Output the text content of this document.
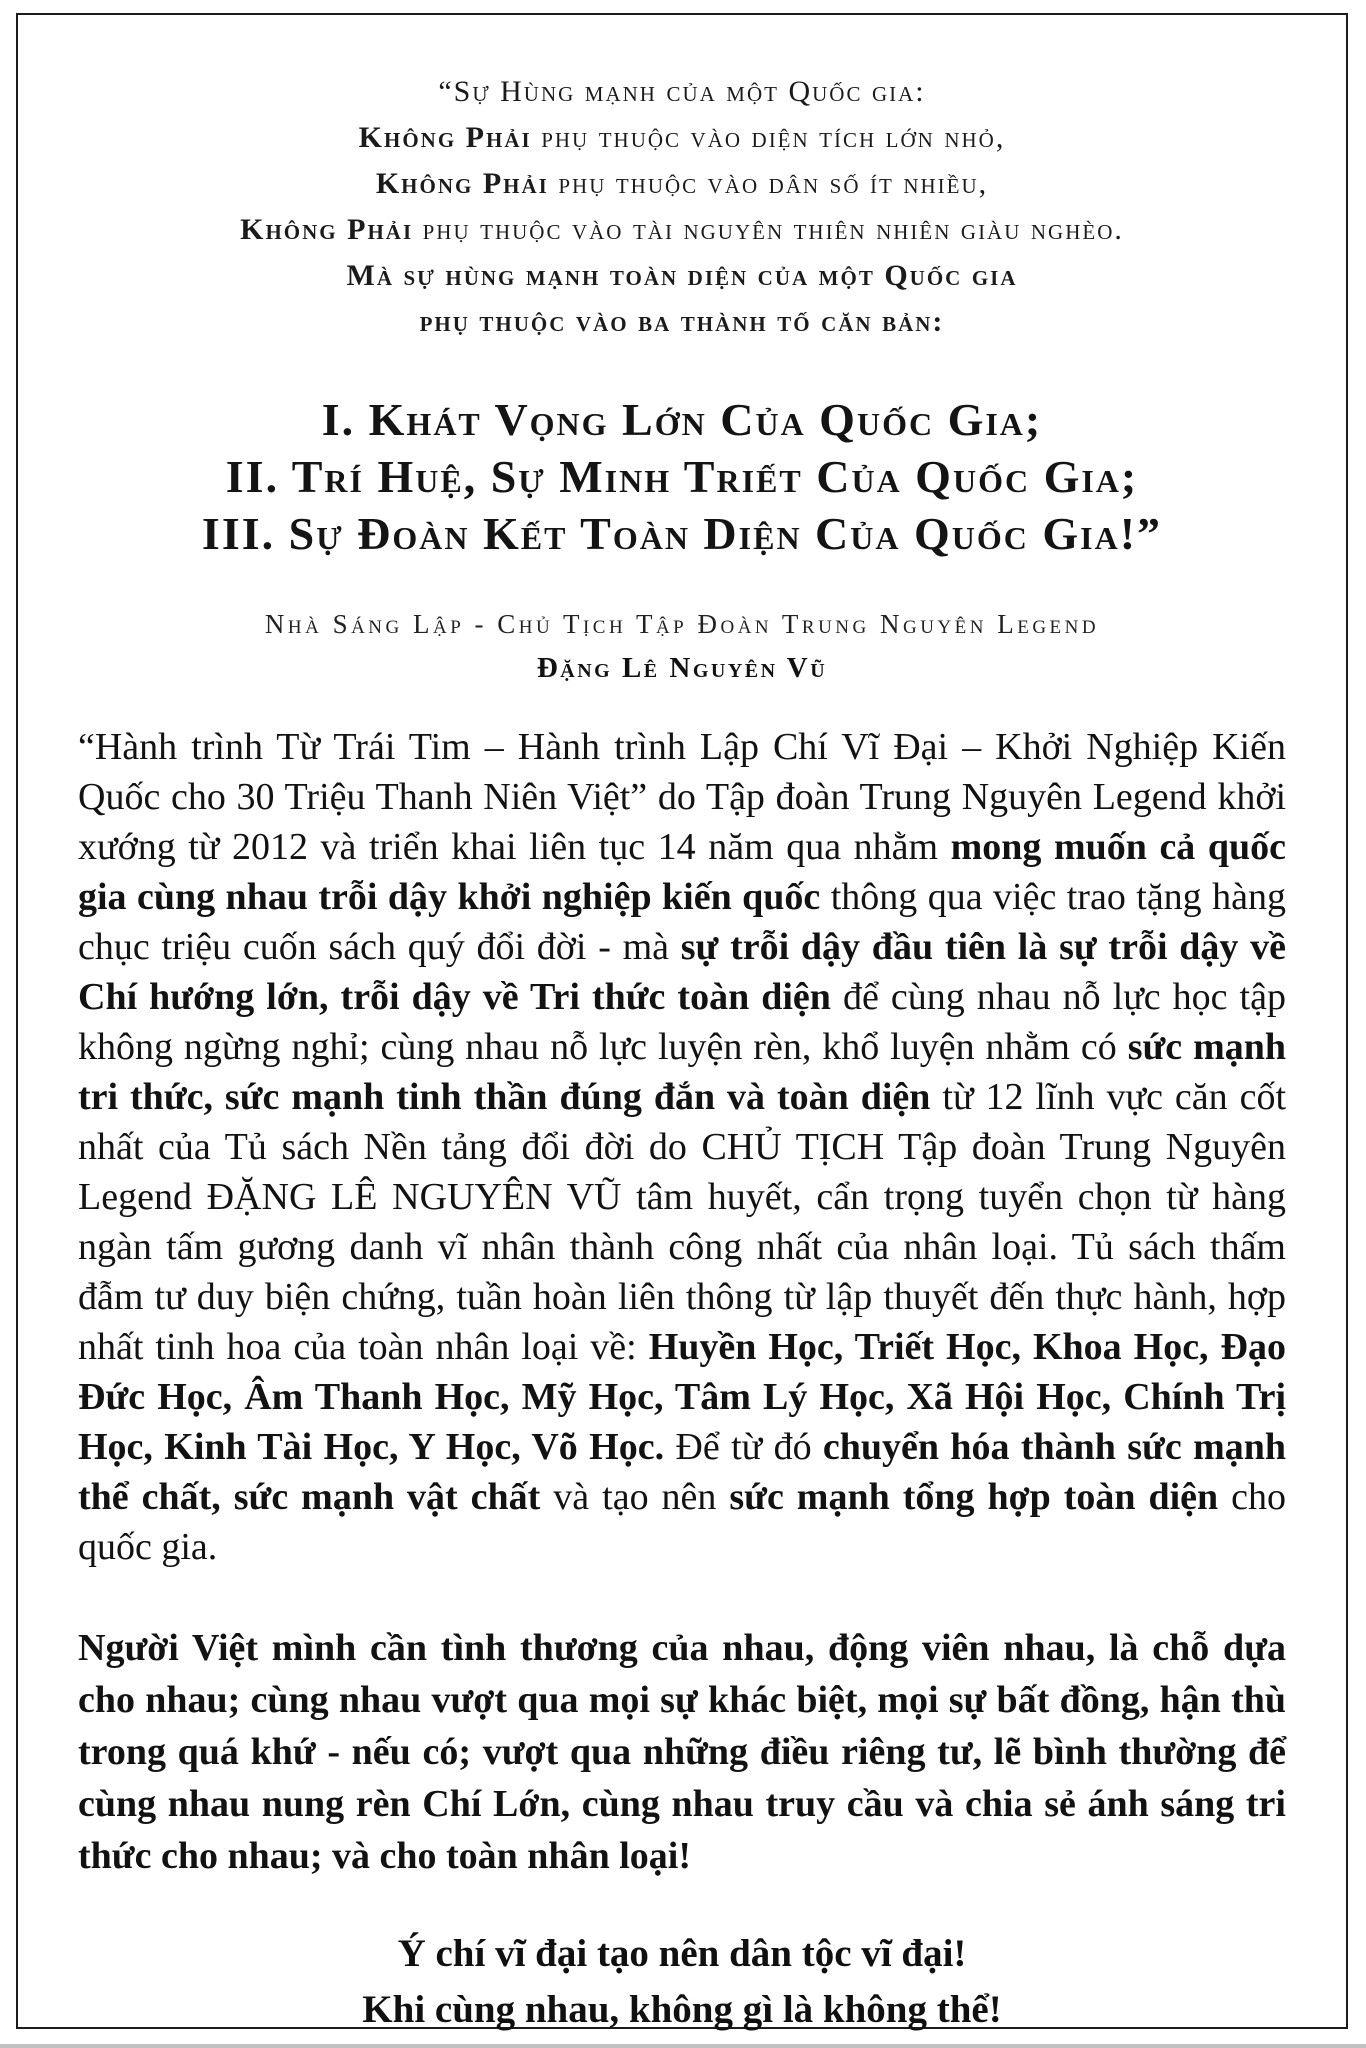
“Sự Hùng mạnh của một Quốc gia:
Không Phải phụ thuộc vào diện tích lớn nhỏ,
Không Phải phụ thuộc vào dân số ít nhiều,
Không Phải phụ thuộc vào tài nguyên thiên nhiên giàu nghèo.
Mà sự hùng mạnh toàn diện của một Quốc gia
phụ thuộc vào ba thành tố căn bản:
I. Khát Vọng Lớn Của Quốc Gia;
II. Trí Huệ, Sự Minh Triết Của Quốc Gia;
III. Sự Đoàn Kết Toàn Diện Của Quốc Gia!”
Nhà Sáng Lập - Chủ Tịch Tập Đoàn Trung Nguyên Legend
Đặng Lê Nguyên Vũ

“Hành trình Từ Trái Tim – Hành trình Lập Chí Vĩ Đại – Khởi Nghiệp Kiến Quốc cho 30 Triệu Thanh Niên Việt” do Tập đoàn Trung Nguyên Legend khởi xướng từ 2012 và triển khai liên tục 14 năm qua nhằm mong muốn cả quốc gia cùng nhau trỗi dậy khởi nghiệp kiến quốc thông qua việc trao tặng hàng chục triệu cuốn sách quý đổi đời - mà sự trỗi dậy đầu tiên là sự trỗi dậy về Chí hướng lớn, trỗi dậy về Tri thức toàn diện để cùng nhau nỗ lực học tập không ngừng nghỉ; cùng nhau nỗ lực luyện rèn, khổ luyện nhằm có sức mạnh tri thức, sức mạnh tinh thần đúng đắn và toàn diện từ 12 lĩnh vực căn cốt nhất của Tủ sách Nền tảng đổi đời do CHỦ TỊCH Tập đoàn Trung Nguyên Legend ĐẶNG LÊ NGUYÊN VŨ tâm huyết, cẩn trọng tuyển chọn từ hàng ngàn tấm gương danh vĩ nhân thành công nhất của nhân loại. Tủ sách thấm đẫm tư duy biện chứng, tuần hoàn liên thông từ lập thuyết đến thực hành, hợp nhất tinh hoa của toàn nhân loại về: Huyền Học, Triết Học, Khoa Học, Đạo Đức Học, Âm Thanh Học, Mỹ Học, Tâm Lý Học, Xã Hội Học, Chính Trị Học, Kinh Tài Học, Y Học, Võ Học. Để từ đó chuyển hóa thành sức mạnh thể chất, sức mạnh vật chất và tạo nên sức mạnh tổng hợp toàn diện cho quốc gia.

Người Việt mình cần tình thương của nhau, động viên nhau, là chỗ dựa cho nhau; cùng nhau vượt qua mọi sự khác biệt, mọi sự bất đồng, hận thù trong quá khứ - nếu có; vượt qua những điều riêng tư, lẽ bình thường để cùng nhau nung rèn Chí Lớn, cùng nhau truy cầu và chia sẻ ánh sáng tri thức cho nhau; và cho toàn nhân loại!

Ý chí vĩ đại tạo nên dân tộc vĩ đại!
Khi cùng nhau, không gì là không thể!
